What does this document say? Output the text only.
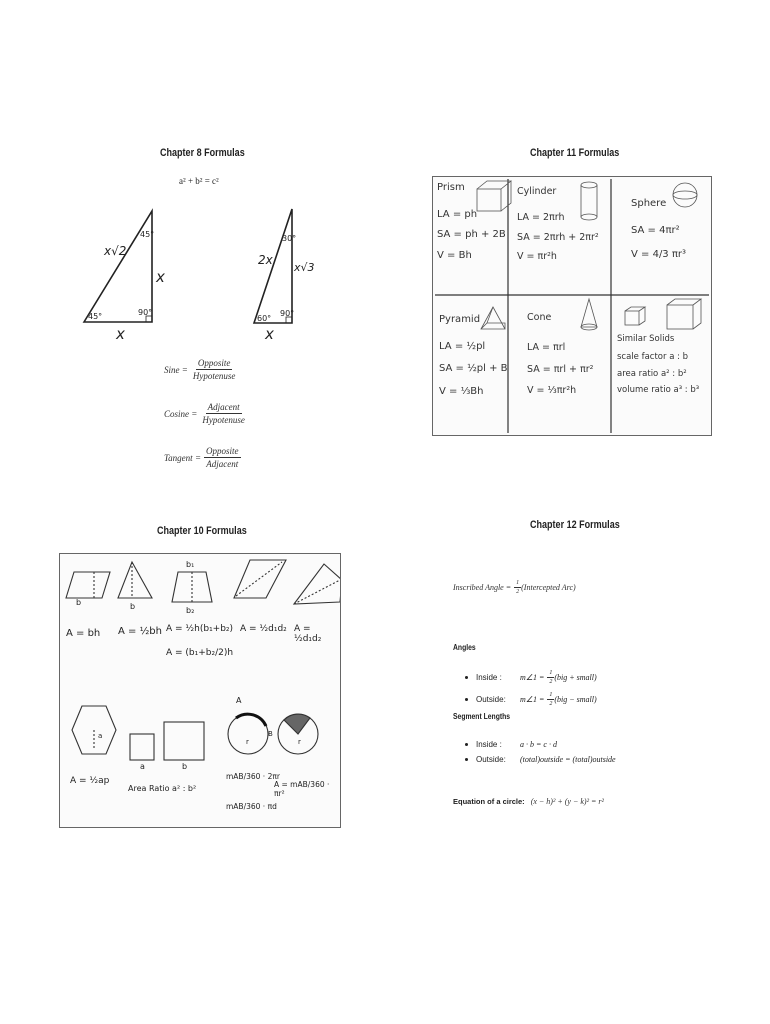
Chapter 8 Formulas
a² + b² = c²
x√2
x
x
45°
45°	90°
2x
x√3
x
30°
60°
90°
Sine = $\frac{\text{Opposite}}{\text{Hypotenuse}}$
$Cosine = \frac{\text{Adjacent}}{\text{Hypotenuse}}$
Tangent = $\frac{\text{Opposite}}{\text{Adjacent}}$
Chapter 11 Formulas
Prism
LA = ph
SA = ph + 2B
V = Bh
Cylinder
LA = 2πrh
SA = 2πrh + 2πr²
V = πr²h
Sphere
SA = 4πr²
V = 4/3 πr³
Pyramid
LA = ½pl
SA = ½pl + B
V = ⅓Bh
Cone
LA = πrl
SA = πrl + πr²
V = ⅓πr²h
Similar Solids
scale factor a : b
area ratio a² : b²
volume ratio a³ : b³
Chapter 10 Formulas
b	b
b₁
b₂
a
a	b
A
B
r	r
A = bh A = ½bh A = ½h(b₁+b₂)
A = (b₁+b₂/2)h
A = ½d₁d₂ A = ½d₁d₂
A = ½ap
Area Ratio a² : b²
mAB/360 · 2πr
mAB/360 · πd
A = mAB/360 · πr²
Chapter 12 Formulas
Inscribed Angle = $\frac{1}{2}$ (Intercepted Arc)
Angles
Inside :	m∠1 = $\frac{1}{2} (big$ + small)
Outside:	m∠1 = $\frac{1}{2} (big$ − small)
Segment Lengths
Inside :	a · b = c · d
Outside:	(total)outside = (total)outside
Equation of a circle: (x − h)² + (y − k)² = r²
